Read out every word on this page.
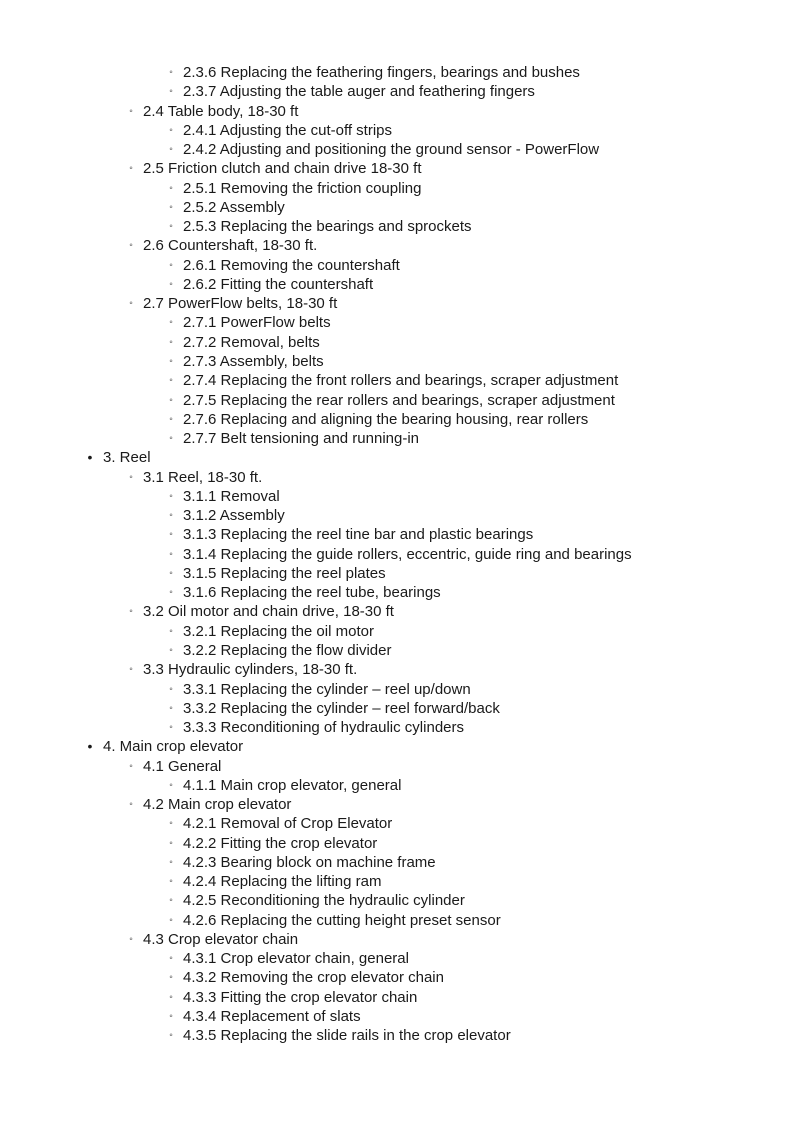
◦ 2.3.6 Replacing the feathering fingers, bearings and bushes
◦ 2.3.7 Adjusting the table auger and feathering fingers
◦ 2.4 Table body, 18-30 ft
◦ 2.4.1 Adjusting the cut-off strips
◦ 2.4.2 Adjusting and positioning the ground sensor - PowerFlow
◦ 2.5 Friction clutch and chain drive 18-30 ft
◦ 2.5.1 Removing the friction coupling
◦ 2.5.2 Assembly
◦ 2.5.3 Replacing the bearings and sprockets
◦ 2.6 Countershaft, 18-30 ft.
◦ 2.6.1 Removing the countershaft
◦ 2.6.2 Fitting the countershaft
◦ 2.7 PowerFlow belts, 18-30 ft
◦ 2.7.1 PowerFlow belts
◦ 2.7.2 Removal, belts
◦ 2.7.3 Assembly, belts
◦ 2.7.4 Replacing the front rollers and bearings, scraper adjustment
◦ 2.7.5 Replacing the rear rollers and bearings, scraper adjustment
◦ 2.7.6 Replacing and aligning the bearing housing, rear rollers
◦ 2.7.7 Belt tensioning and running-in
• 3. Reel
◦ 3.1 Reel, 18-30 ft.
◦ 3.1.1 Removal
◦ 3.1.2 Assembly
◦ 3.1.3 Replacing the reel tine bar and plastic bearings
◦ 3.1.4 Replacing the guide rollers, eccentric, guide ring and bearings
◦ 3.1.5 Replacing the reel plates
◦ 3.1.6 Replacing the reel tube, bearings
◦ 3.2 Oil motor and chain drive, 18-30 ft
◦ 3.2.1 Replacing the oil motor
◦ 3.2.2 Replacing the flow divider
◦ 3.3 Hydraulic cylinders, 18-30 ft.
◦ 3.3.1 Replacing the cylinder – reel up/down
◦ 3.3.2 Replacing the cylinder – reel forward/back
◦ 3.3.3 Reconditioning of hydraulic cylinders
• 4. Main crop elevator
◦ 4.1 General
◦ 4.1.1 Main crop elevator, general
◦ 4.2 Main crop elevator
◦ 4.2.1 Removal of Crop Elevator
◦ 4.2.2 Fitting the crop elevator
◦ 4.2.3 Bearing block on machine frame
◦ 4.2.4 Replacing the lifting ram
◦ 4.2.5 Reconditioning the hydraulic cylinder
◦ 4.2.6 Replacing the cutting height preset sensor
◦ 4.3 Crop elevator chain
◦ 4.3.1 Crop elevator chain, general
◦ 4.3.2 Removing the crop elevator chain
◦ 4.3.3 Fitting the crop elevator chain
◦ 4.3.4 Replacement of slats
◦ 4.3.5 Replacing the slide rails in the crop elevator
